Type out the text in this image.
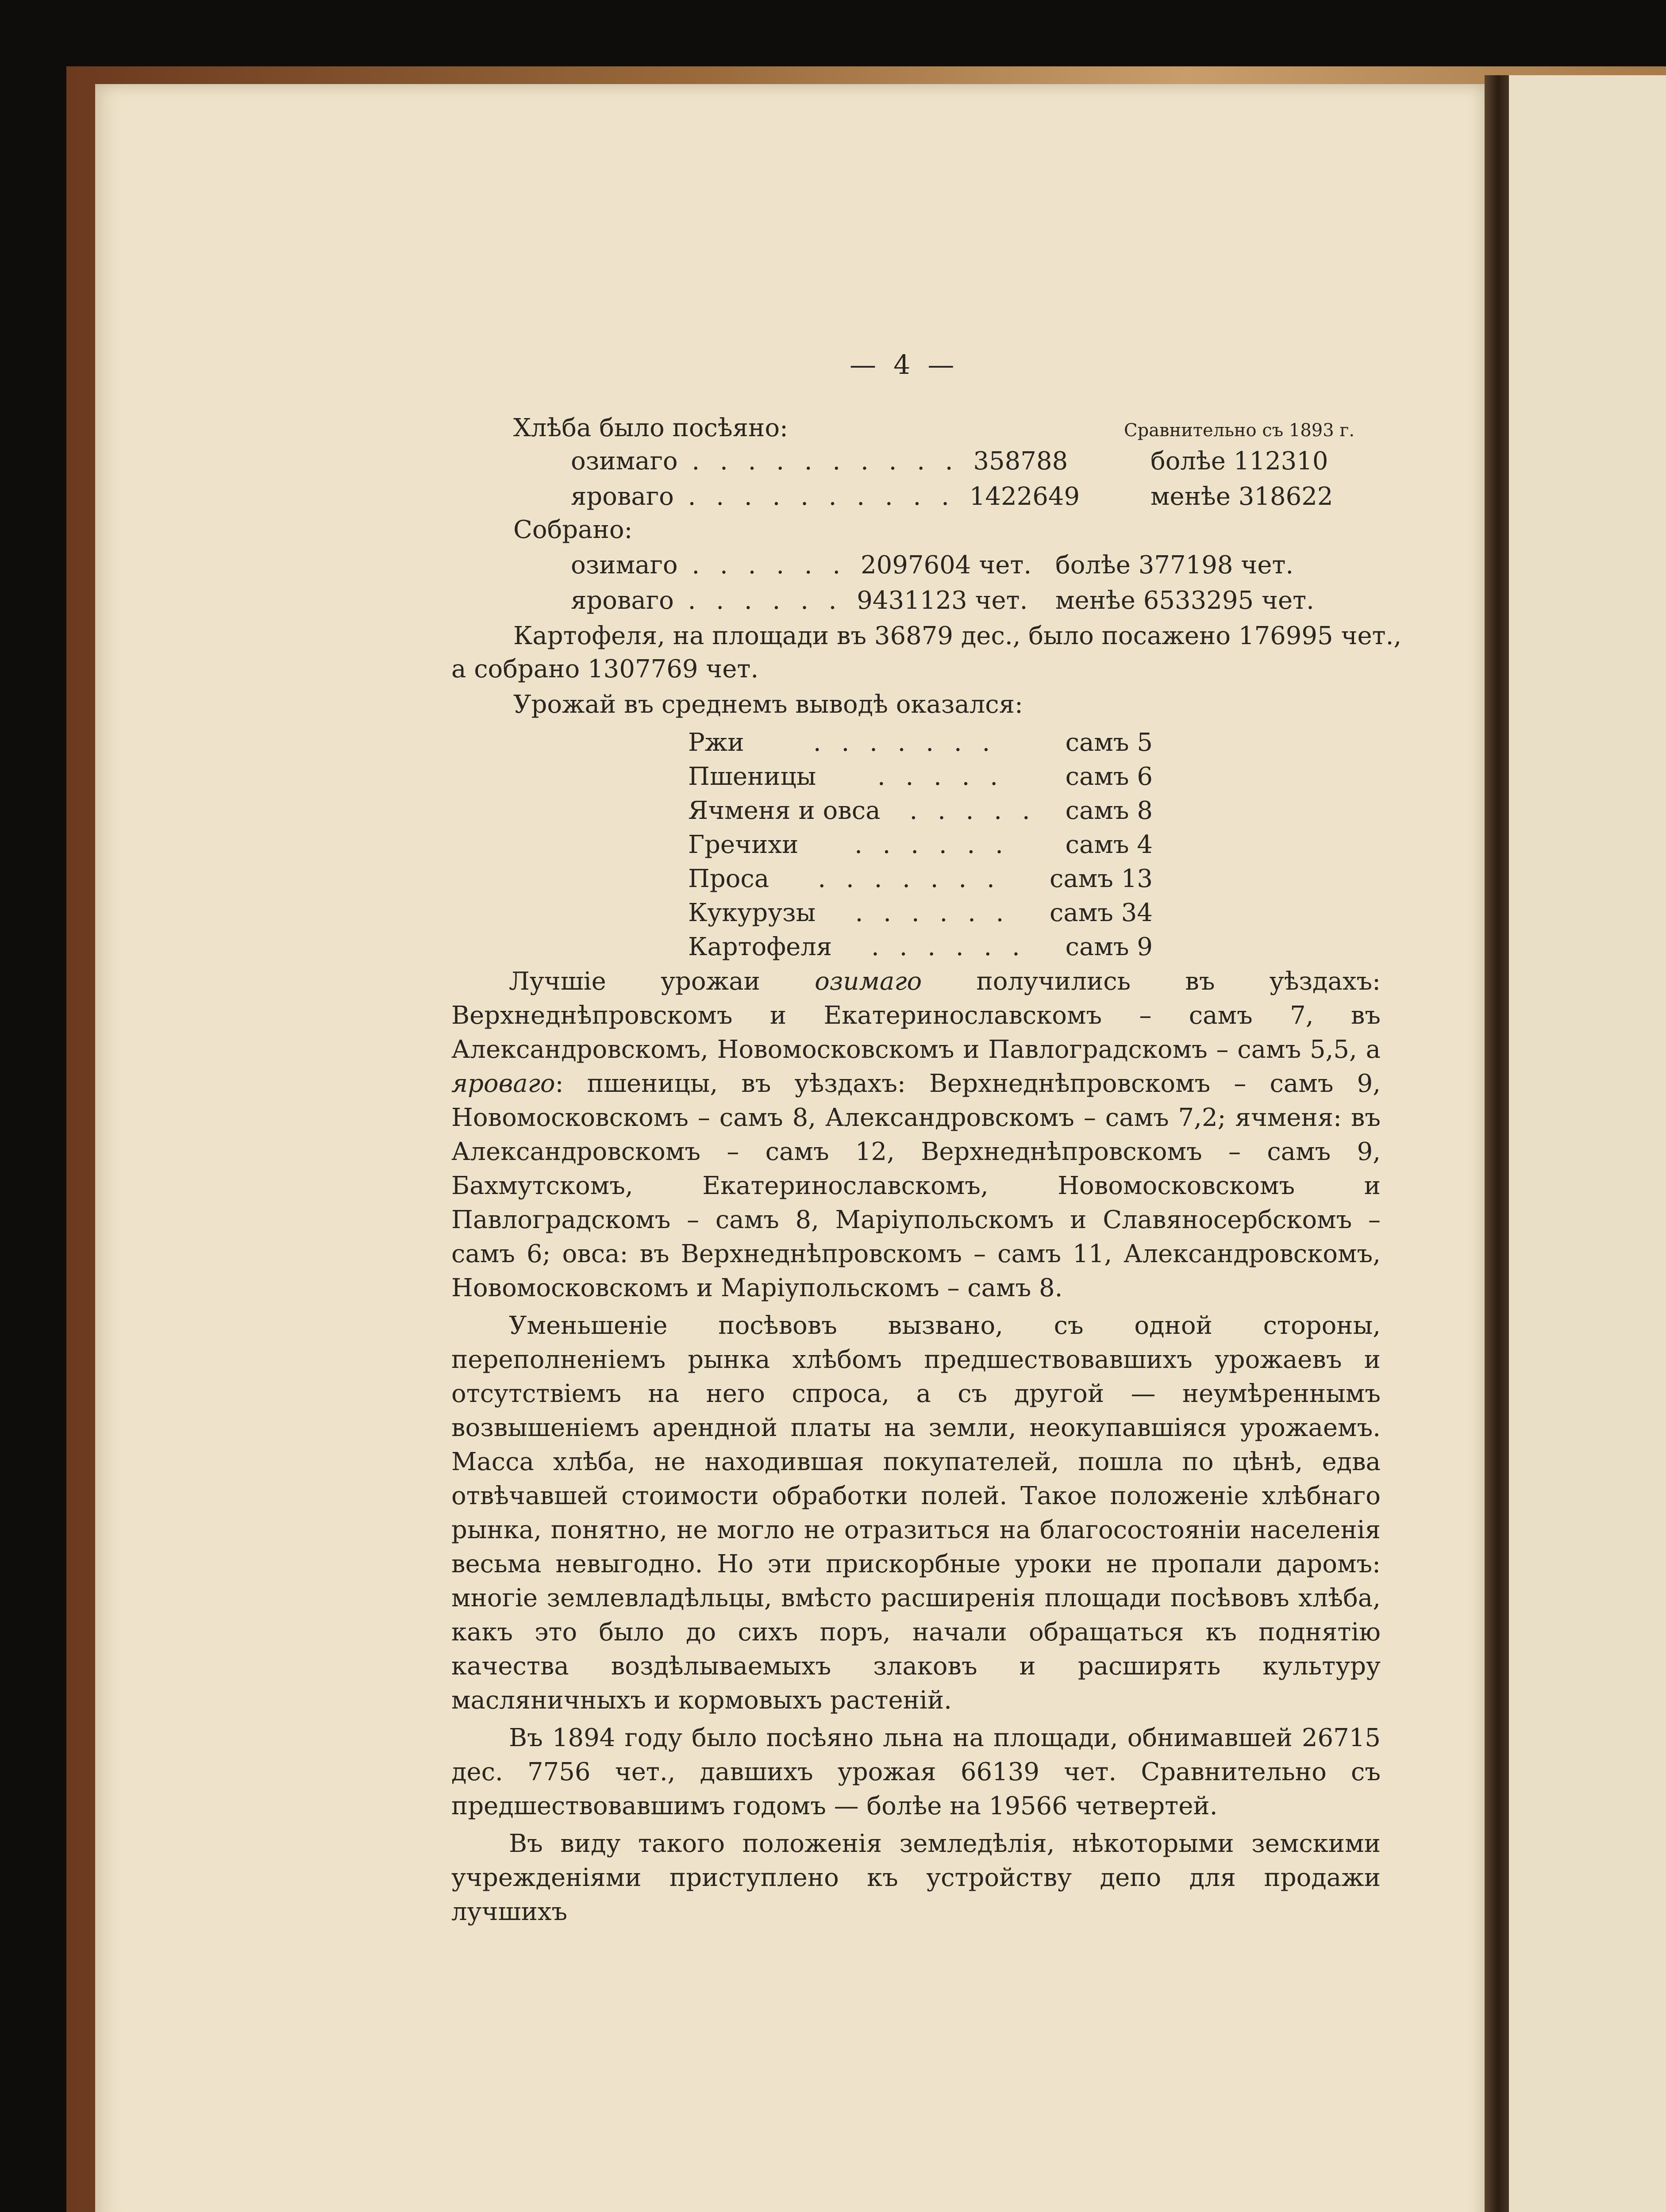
— 4 —
Хлѣба было посѣяно:	Сравнительно съ 1893 г.
озимаго . . . . . . . . . . 358788	болѣе 112310
яроваго . . . . . . . . . . 1422649	менѣе 318622
Собрано:
озимаго . . . . . . 2097604 чет. болѣе 377198 чет.
яроваго . . . . . . 9431123 чет. менѣе 6533295 чет.
Картофеля, на площади въ 36879 дес., было посажено 176995 чет.,
а собрано 1307769 чет.
Урожай въ среднемъ выводѣ оказался:
Ржи	. . . . . . .	самъ 5
Пшеницы . . . . . самъ 6
Ячменя и овса . . . . . самъ 8
Гречихи . . . . . . самъ 4
Проса . . . . . . . самъ 13
Кукурузы . . . . . . самъ 34
Картофеля . . . . . . самъ 9

Лучшіе урожаи озимаго получились въ уѣздахъ: Верхнеднѣпровскомъ и Екатеринославскомъ – самъ 7, въ Александровскомъ, Новомосковскомъ и Павлоградскомъ – самъ 5,5, а яроваго: пшеницы, въ уѣздахъ: Верхнеднѣпровскомъ – самъ 9, Новомосковскомъ – самъ 8, Александровскомъ – самъ 7,2; ячменя: въ Александровскомъ – самъ 12, Верхнеднѣпровскомъ – самъ 9, Бахмутскомъ, Екатеринославскомъ, Новомосковскомъ и Павлоградскомъ – самъ 8, Маріупольскомъ и Славяносербскомъ – самъ 6; овса: въ Верхнеднѣпровскомъ – самъ 11, Александровскомъ, Новомосковскомъ и Маріупольскомъ – самъ 8.

Уменьшеніе посѣвовъ вызвано, съ одной стороны, переполненіемъ рынка хлѣбомъ предшествовавшихъ урожаевъ и отсутствіемъ на него спроса, а съ другой — неумѣреннымъ возвышеніемъ арендной платы на земли, неокупавшіяся урожаемъ. Масса хлѣба, не находившая покупателей, пошла по цѣнѣ, едва отвѣчавшей стоимости обработки полей. Такое положеніе хлѣбнаго рынка, понятно, не могло не отразиться на благосостояніи населенія весьма невыгодно. Но эти прискорбные уроки не пропали даромъ: многіе землевладѣльцы, вмѣсто расширенія площади посѣвовъ хлѣба, какъ это было до сихъ поръ, начали обращаться къ поднятію качества воздѣлываемыхъ злаковъ и расширять культуру масляничныхъ и кормовыхъ растеній.

Въ 1894 году было посѣяно льна на площади, обнимавшей 26715 дес. 7756 чет., давшихъ урожая 66139 чет. Сравнительно съ предшествовавшимъ годомъ — болѣе на 19566 четвертей.

Въ виду такого положенія земледѣлія, нѣкоторыми земскими учрежденіями приступлено къ устройству депо для продажи лучшихъ
